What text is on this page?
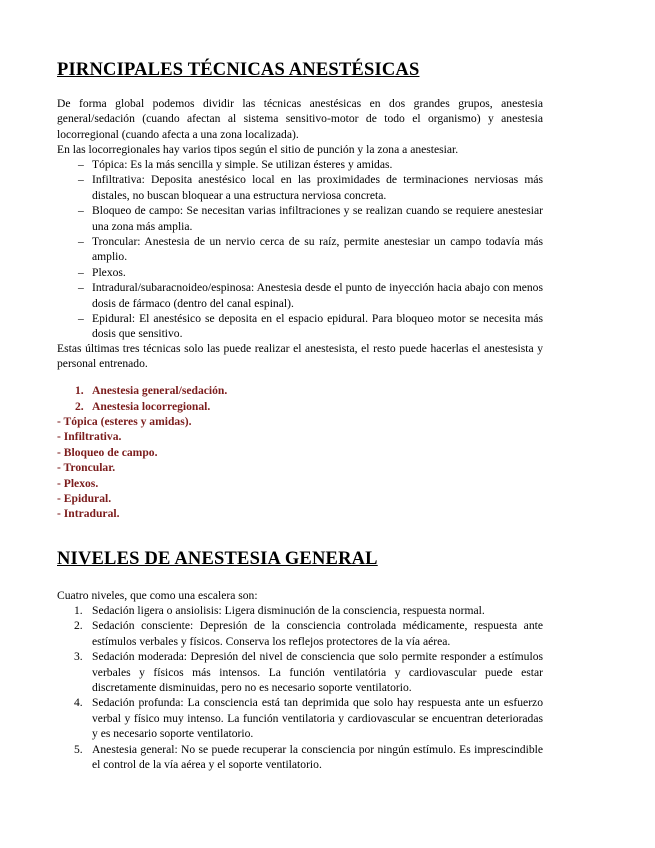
PIRNCIPALES TÉCNICAS ANESTÉSICAS

De forma global podemos dividir las técnicas anestésicas en dos grandes grupos, anestesia general/sedación (cuando afectan al sistema sensitivo-motor de todo el organismo) y anestesia locorregional (cuando afecta a una zona localizada).

En las locorregionales hay varios tipos según el sitio de punción y la zona a anestesiar.

– Tópica: Es la más sencilla y simple. Se utilizan ésteres y amidas.
– Infiltrativa: Deposita anestésico local en las proximidades de terminaciones nerviosas más distales, no buscan bloquear a una estructura nerviosa concreta.
– Bloqueo de campo: Se necesitan varias infiltraciones y se realizan cuando se requiere anestesiar una zona más amplia.
– Troncular: Anestesia de un nervio cerca de su raíz, permite anestesiar un campo todavía más amplio.
– Plexos.
– Intradural/subaracnoideo/espinosa: Anestesia desde el punto de inyección hacia abajo con menos dosis de fármaco (dentro del canal espinal).
– Epidural: El anestésico se deposita en el espacio epidural. Para bloqueo motor se necesita más dosis que sensitivo.

Estas últimas tres técnicas solo las puede realizar el anestesista, el resto puede hacerlas el anestesista y personal entrenado.

1. Anestesia general/sedación.
2. Anestesia locorregional.
- Tópica (esteres y amidas).
- Infiltrativa.
- Bloqueo de campo.
- Troncular.
- Plexos.
- Epidural.
- Intradural.
NIVELES DE ANESTESIA GENERAL

Cuatro niveles, que como una escalera son:

1. Sedación ligera o ansiolisis: Ligera disminución de la consciencia, respuesta normal.
2. Sedación consciente: Depresión de la consciencia controlada médicamente, respuesta ante estímulos verbales y físicos. Conserva los reflejos protectores de la vía aérea.
3. Sedación moderada: Depresión del nivel de consciencia que solo permite responder a estímulos verbales y físicos más intensos. La función ventilatória y cardiovascular puede estar discretamente disminuidas, pero no es necesario soporte ventilatorio.
4. Sedación profunda: La consciencia está tan deprimida que solo hay respuesta ante un esfuerzo verbal y físico muy intenso. La función ventilatoria y cardiovascular se encuentran deterioradas y es necesario soporte ventilatorio.
5. Anestesia general: No se puede recuperar la consciencia por ningún estímulo. Es imprescindible el control de la vía aérea y el soporte ventilatorio.
